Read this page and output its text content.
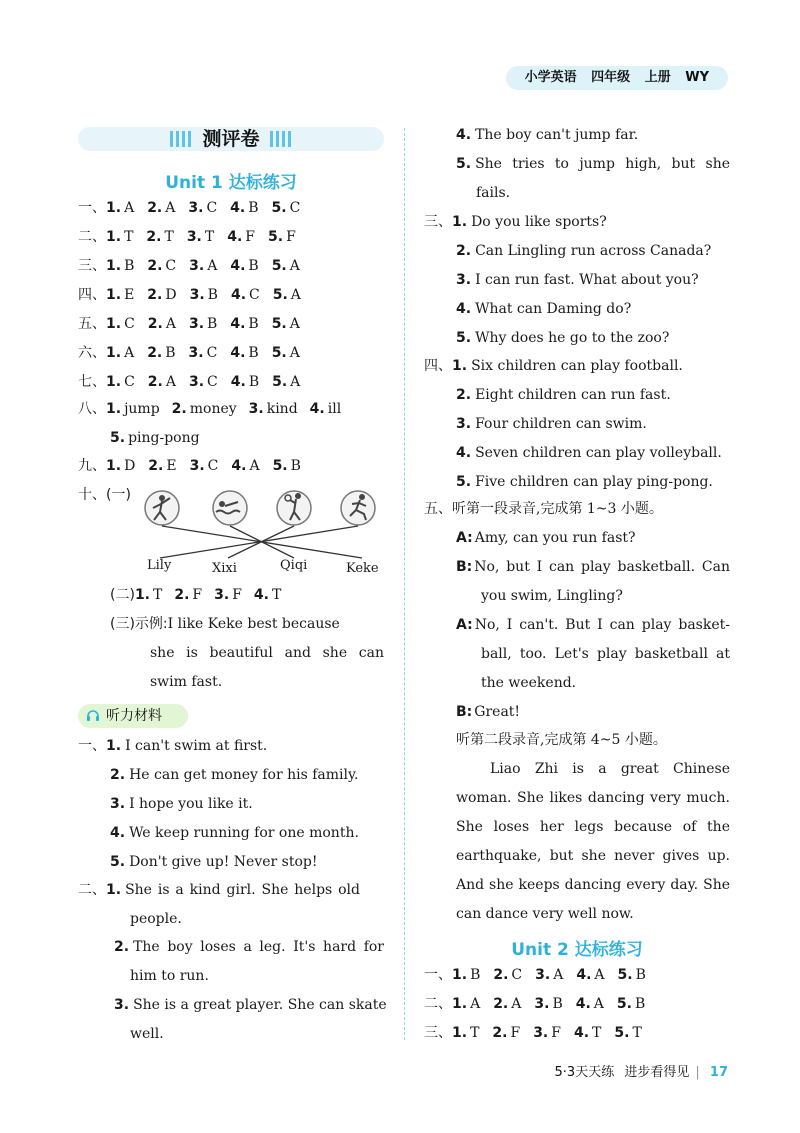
小学英语 四年级 上册 WY
测评卷
Unit 1 达标练习
一、1. A 2. A 3. C 4. B 5. C
二、1. T 2. T 3. T 4. F 5. F
三、1. B 2. C 3. A 4. B 5. A
四、1. E 2. D 3. B 4. C 5. A
五、1. C 2. A 3. B 4. B 5. A
六、1. A 2. B 3. C 4. B 5. A
七、1. C 2. A 3. C 4. B 5. A
八、1. jump 2. money 3. kind 4. ill
5. ping-pong
九、1. D 2. E 3. C 4. A 5. B
十、(一)
Lily	Xixi	Qiqi	Keke
(二)1. T 2. F 3. F 4. T
(三)示例:I like Keke best because
she is beautiful and she can
swim fast.
听力材料
一、1. I can't swim at first.
2. He can get money for his family.
3. I hope you like it.
4. We keep running for one month.
5. Don't give up! Never stop!
二、1. She is a kind girl. She helps old
people.
2. The boy loses a leg. It's hard for
him to run.
3. She is a great player. She can skate
well.
4. The boy can't jump far.
5. She tries to jump high, but she
fails.
三、1. Do you like sports?
2. Can Lingling run across Canada?
3. I can run fast. What about you?
4. What can Daming do?
5. Why does he go to the zoo?
四、1. Six children can play football.
2. Eight children can run fast.
3. Four children can swim.
4. Seven children can play volleyball.
5. Five children can play ping-pong.
五、听第一段录音,完成第 1~3 小题。
A: Amy, can you run fast?
B: No, but I can play basketball. Can
you swim, Lingling?
A: No, I can't. But I can play basket-
ball, too. Let's play basketball at
the weekend.
B: Great!
听第二段录音,完成第 4~5 小题。
Liao Zhi is a great Chinese
woman. She likes dancing very much.
She loses her legs because of the
earthquake, but she never gives up.
And she keeps dancing every day. She
can dance very well now.
Unit 2 达标练习
一、1. B 2. C 3. A 4. A 5. B
二、1. A 2. A 3. B 4. A 5. B
三、1. T 2. F 3. F 4. T 5. T
5·3天天练 进步看得见 | 17
